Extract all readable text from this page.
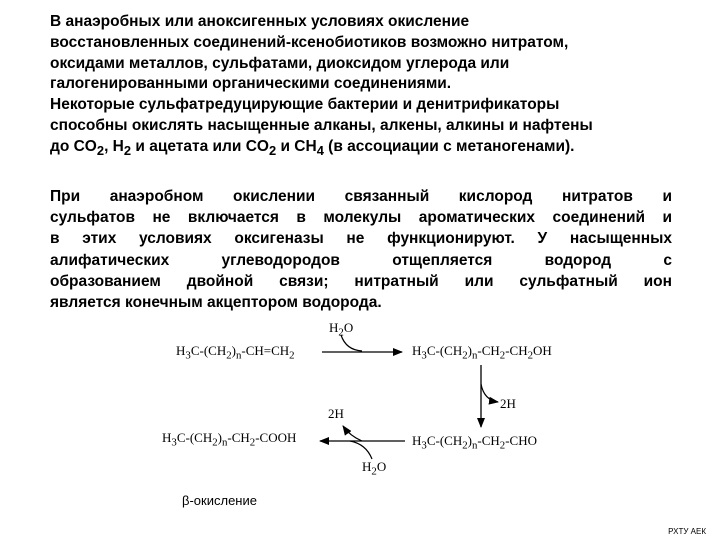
В анаэробных или аноксигенных условиях окисление
восстановленных соединений-ксенобиотиков возможно нитратом,
оксидами металлов, сульфатами, диоксидом углерода или
галогенированными органическими соединениями.
Некоторые сульфатредуцирующие бактерии и денитрификаторы
способны окислять насыщенные алканы, алкены, алкины и нафтены
до $CO_2$, $H_2$ и ацетата или $CO_2$ и $CH_4$ (в ассоциации с метаногенами).
При анаэробном окислении связанный кислород нитратов и
сульфатов не включается в молекулы ароматических соединений и
в этих условиях оксигеназы не функционируют. У насыщенных
алифатических углеводородов отщепляется водород с
образованием двойной связи; нитратный или сульфатный ион
является конечным акцептором водорода.
$H_3C-(CH_2)_n-CH=CH_2$
$H_2O$
$H_3C-(CH_2)_n-CH_2-CH_2OH$
2H
2H
$H_3C-(CH_2)_n-CH_2$-COOH	$H_3C-(CH_2)_n-CH_2$-CHO
$H_2O$
β-окисление
РХТУ АЕК
